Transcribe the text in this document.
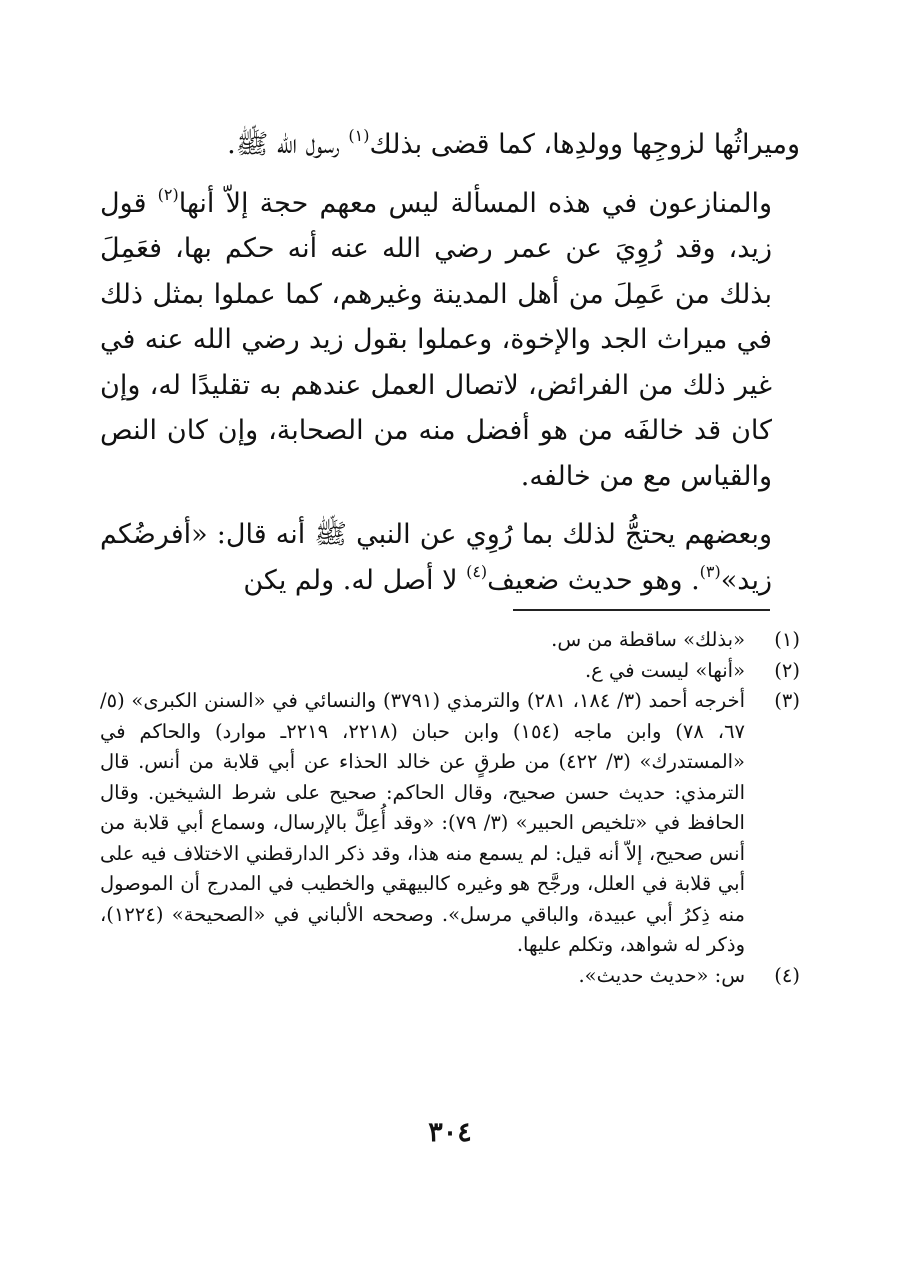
وميراثُها لزوجِها وولدِها، كما قضى بذلك$^{(١)}$ رسول الله ﷺ.

والمنازعون في هذه المسألة ليس معهم حجة إلاّ أنها$^{(٢)}$ قول زيد، وقد رُوِيَ عن عمر رضي الله عنه أنه حكم بها، فعَمِلَ بذلك من عَمِلَ من أهل المدينة وغيرهم، كما عملوا بمثل ذلك في ميراث الجد والإخوة، وعملوا بقول زيد رضي الله عنه في غير ذلك من الفرائض، لاتصال العمل عندهم به تقليدًا له، وإن كان قد خالفَه من هو أفضل منه من الصحابة، وإن كان النص والقياس مع من خالفه.

وبعضهم يحتجُّ لذلك بما رُوِي عن النبي ﷺ أنه قال: «أفرضُكم زيد»$^{(٣)}$. وهو حديث ضعيف$^{(٤)}$ لا أصل له. ولم يكن

(١)
«بذلك» ساقطة من س.
(٢)
«أنها» ليست في ع.
(٣)
أخرجه أحمد (٣/ ١٨٤، ٢٨١) والترمذي (٣٧٩١) والنسائي في «السنن الكبرى» (٥/ ٦٧، ٧٨) وابن ماجه (١٥٤) وابن حبان (٢٢١٨، ٢٢١٩ـ موارد) والحاكم في «المستدرك» (٣/ ٤٢٢) من طرقٍ عن خالد الحذاء عن أبي قلابة من أنس. قال الترمذي: حديث حسن صحيح، وقال الحاكم: صحيح على شرط الشيخين. وقال الحافظ في «تلخيص الحبير» (٣/ ٧٩): «وقد أُعِلَّ بالإرسال، وسماع أبي قلابة من أنس صحيح، إلاّ أنه قيل: لم يسمع منه هذا، وقد ذكر الدارقطني الاختلاف فيه على أبي قلابة في العلل، ورجَّح هو وغيره كالبيهقي والخطيب في المدرج أن الموصول منه ذِكرُ أبي عبيدة، والباقي مرسل». وصححه الألباني في «الصحيحة» (١٢٢٤)، وذكر له شواهد، وتكلم عليها.
(٤)
س: «حديث حديث».
٣٠٤
